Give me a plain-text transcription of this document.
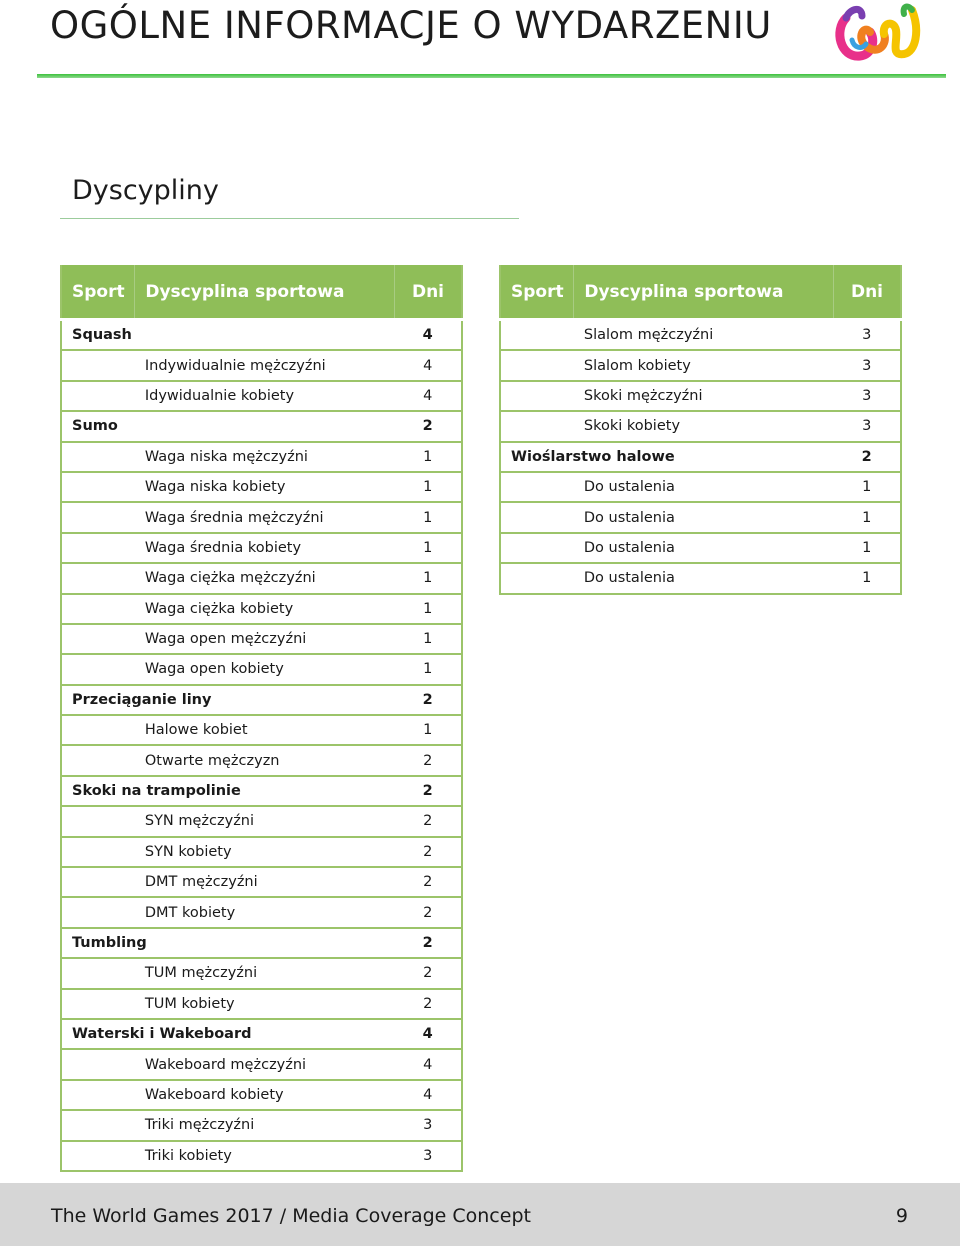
OGÓLNE INFORMACJE O WYDARZENIU
Dyscypliny
Sport	Dyscyplina sportowa	Dni
Squash		4
	Indywidualnie mężczyźni	4
	Idywidualnie kobiety	4
Sumo		2
	Waga niska mężczyźni	1
	Waga niska kobiety	1
	Waga średnia mężczyźni	1
	Waga średnia kobiety	1
	Waga ciężka mężczyźni	1
	Waga ciężka kobiety	1
	Waga open mężczyźni	1
	Waga open kobiety	1
Przeciąganie liny		2
	Halowe kobiet	1
	Otwarte mężczyzn	2
Skoki na trampolinie		2
	SYN mężczyźni	2
	SYN kobiety	2
	DMT mężczyźni	2
	DMT kobiety	2
Tumbling		2
	TUM mężczyźni	2
	TUM kobiety	2
Waterski i Wakeboard		4
	Wakeboard mężczyźni	4
	Wakeboard kobiety	4
	Triki mężczyźni	3
	Triki kobiety	3
Sport	Dyscyplina sportowa	Dni
	Slalom mężczyźni	3
	Slalom kobiety	3
	Skoki mężczyźni	3
	Skoki kobiety	3
Wioślarstwo halowe		2
	Do ustalenia	1
	Do ustalenia	1
	Do ustalenia	1
	Do ustalenia	1
The World Games 2017 / Media Coverage Concept	9
